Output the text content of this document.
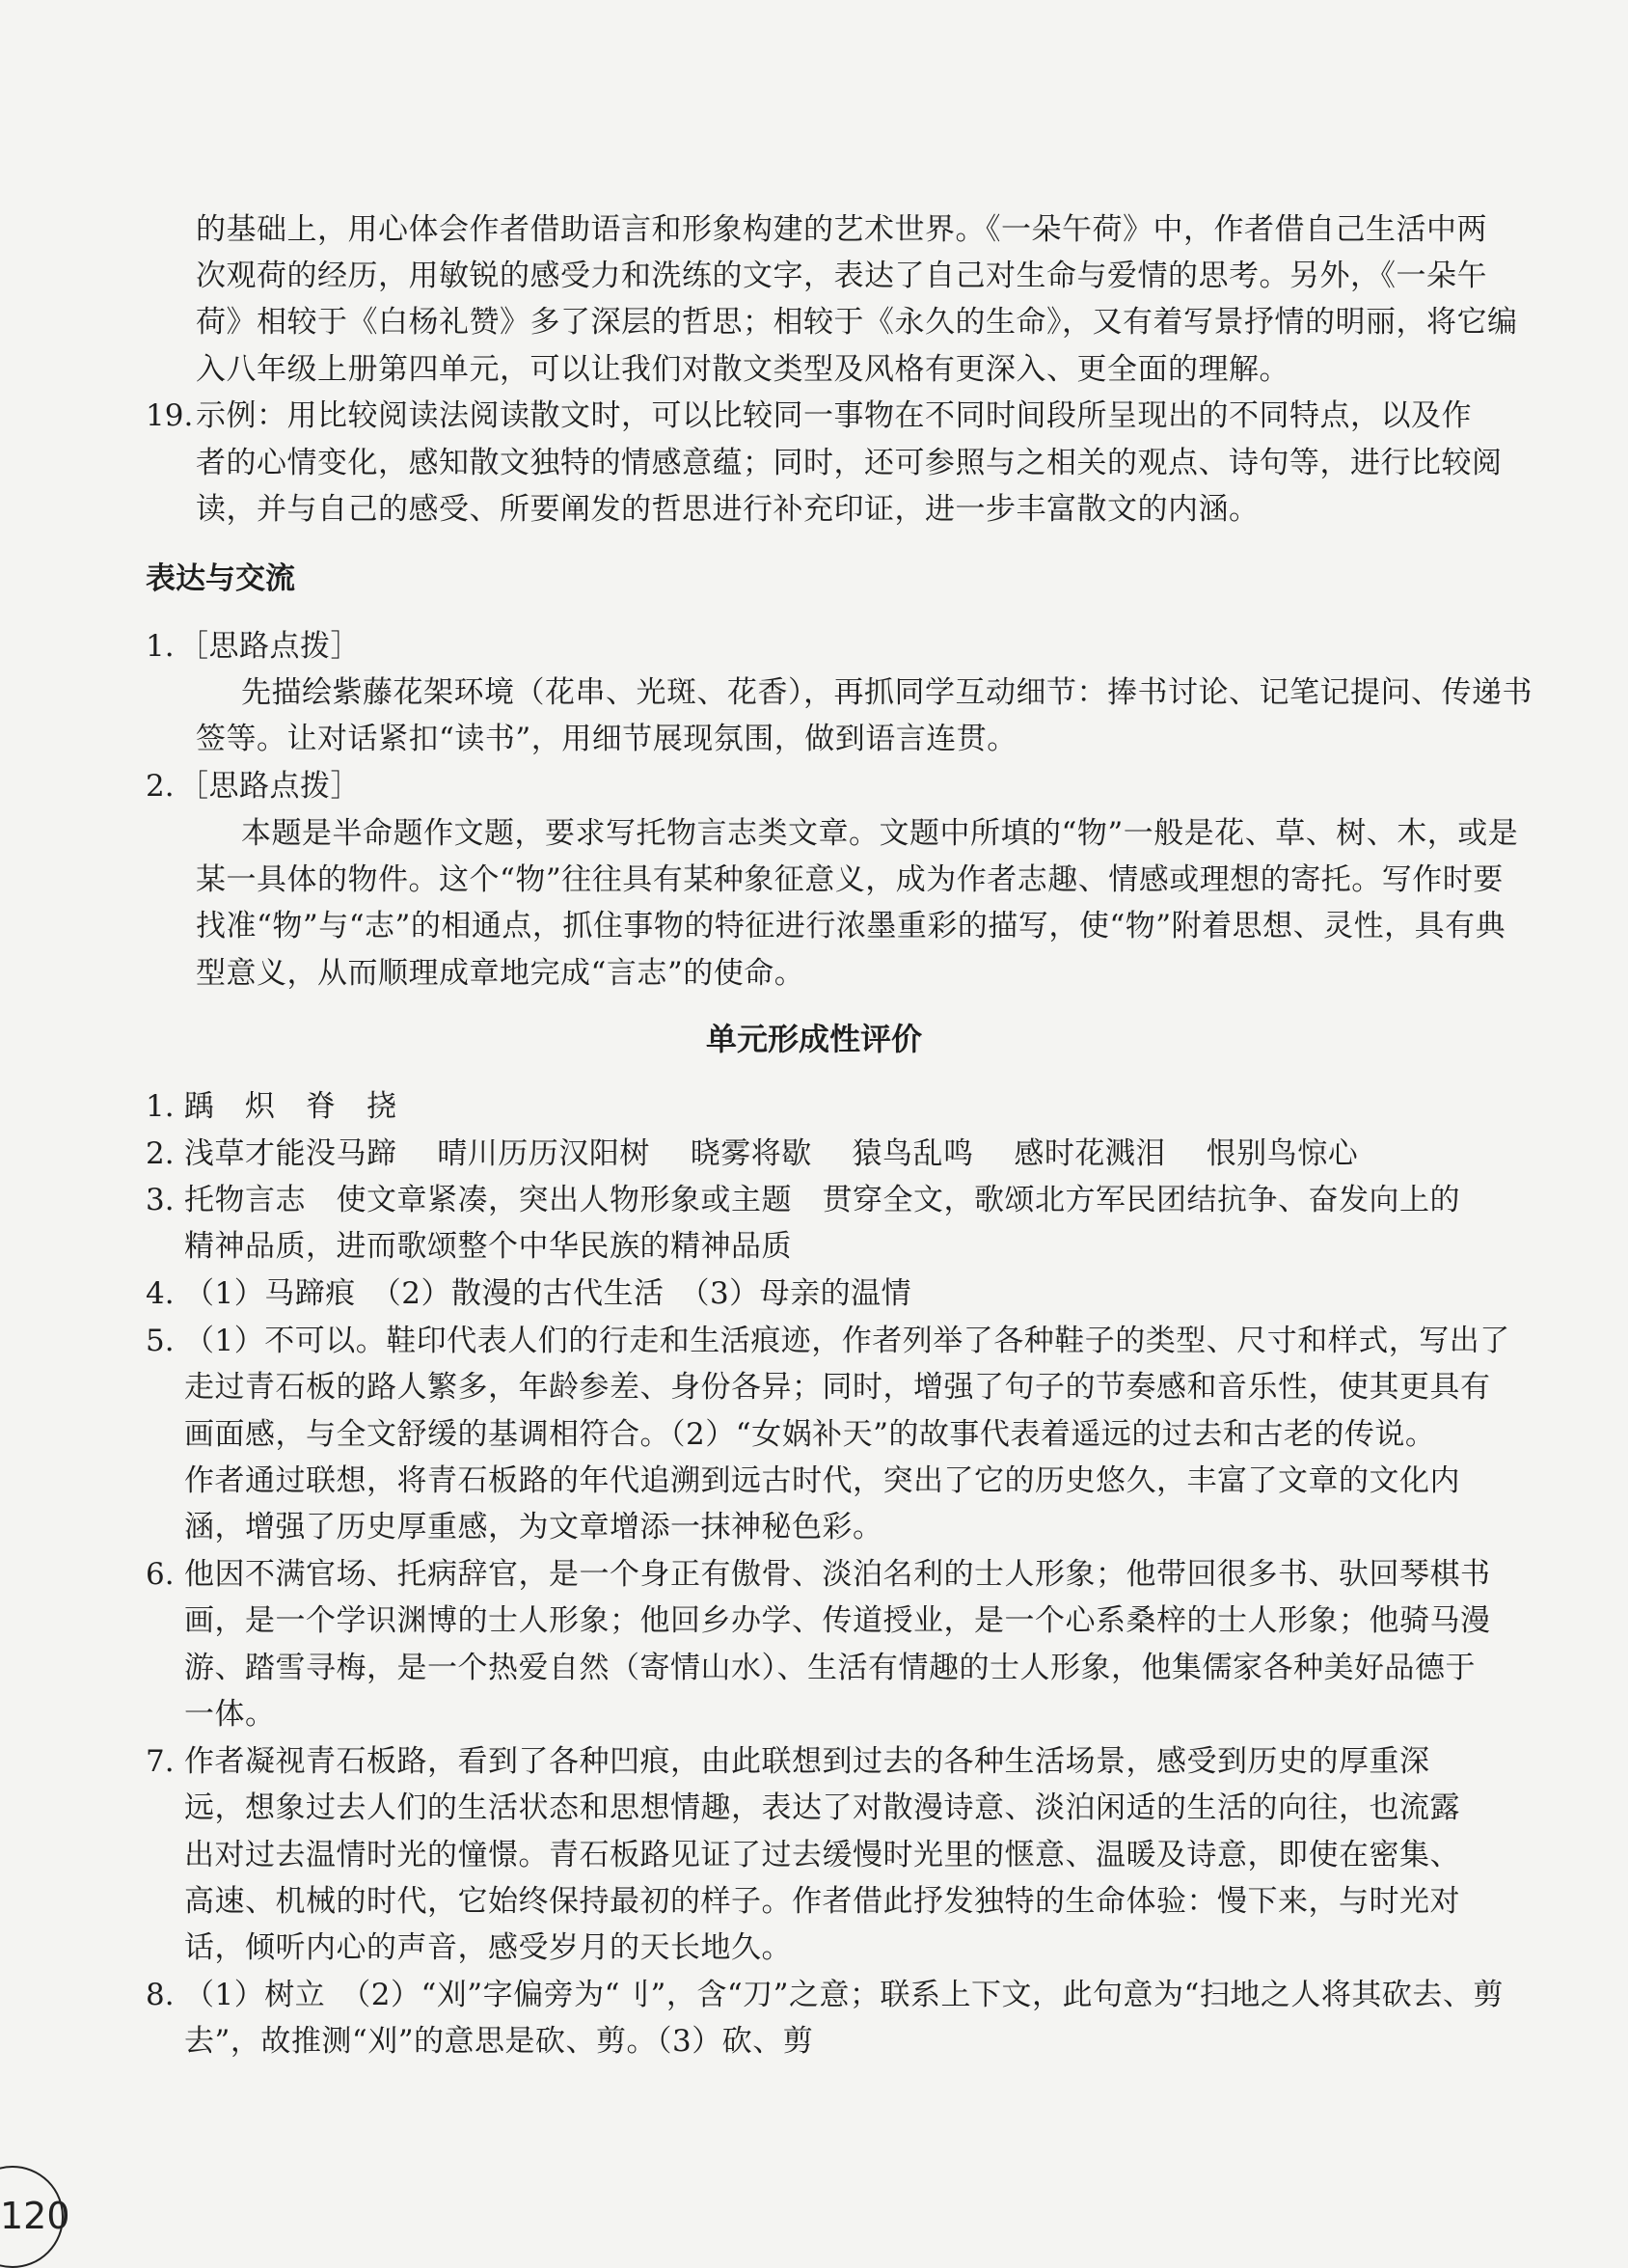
的基础上，用心体会作者借助语言和形象构建的艺术世界。《一朵午荷》中，作者借自己生活中两
次观荷的经历，用敏锐的感受力和洗练的文字，表达了自己对生命与爱情的思考。另外，《一朵午
荷》相较于《白杨礼赞》多了深层的哲思；相较于《永久的生命》，又有着写景抒情的明丽，将它编
入八年级上册第四单元，可以让我们对散文类型及风格有更深入、更全面的理解。
19. 示例：用比较阅读法阅读散文时，可以比较同一事物在不同时间段所呈现出的不同特点，以及作
者的心情变化，感知散文独特的情感意蕴；同时，还可参照与之相关的观点、诗句等，进行比较阅
读，并与自己的感受、所要阐发的哲思进行补充印证，进一步丰富散文的内涵。
表达与交流
1. ［思路点拨］
先描绘紫藤花架环境（花串、光斑、花香），再抓同学互动细节：捧书讨论、记笔记提问、传递书
签等。让对话紧扣“读书”，用细节展现氛围，做到语言连贯。
2. ［思路点拨］
本题是半命题作文题，要求写托物言志类文章。文题中所填的“物”一般是花、草、树、木，或是
某一具体的物件。这个“物”往往具有某种象征意义，成为作者志趣、情感或理想的寄托。写作时要
找准“物”与“志”的相通点，抓住事物的特征进行浓墨重彩的描写，使“物”附着思想、灵性，具有典
型意义，从而顺理成章地完成“言志”的使命。
单元形成性评价
1. 踽　炽　脊　挠
2. 浅草才能没马蹄　 晴川历历汉阳树　 晓雾将歇　 猿鸟乱鸣　 感时花溅泪　 恨别鸟惊心
3. 托物言志　使文章紧凑，突出人物形象或主题　贯穿全文，歌颂北方军民团结抗争、奋发向上的
精神品质，进而歌颂整个中华民族的精神品质
4. （1）马蹄痕　（2）散漫的古代生活　（3）母亲的温情
5. （1）不可以。鞋印代表人们的行走和生活痕迹，作者列举了各种鞋子的类型、尺寸和样式，写出了
走过青石板的路人繁多，年龄参差、身份各异；同时，增强了句子的节奏感和音乐性，使其更具有
画面感，与全文舒缓的基调相符合。（2）“女娲补天”的故事代表着遥远的过去和古老的传说。
作者通过联想，将青石板路的年代追溯到远古时代，突出了它的历史悠久，丰富了文章的文化内
涵，增强了历史厚重感，为文章增添一抹神秘色彩。
6. 他因不满官场、托病辞官，是一个身正有傲骨、淡泊名利的士人形象；他带回很多书、驮回琴棋书
画，是一个学识渊博的士人形象；他回乡办学、传道授业，是一个心系桑梓的士人形象；他骑马漫
游、踏雪寻梅，是一个热爱自然（寄情山水）、生活有情趣的士人形象，他集儒家各种美好品德于
一体。
7. 作者凝视青石板路，看到了各种凹痕，由此联想到过去的各种生活场景，感受到历史的厚重深
远，想象过去人们的生活状态和思想情趣，表达了对散漫诗意、淡泊闲适的生活的向往，也流露
出对过去温情时光的憧憬。青石板路见证了过去缓慢时光里的惬意、温暖及诗意，即使在密集、
高速、机械的时代，它始终保持最初的样子。作者借此抒发独特的生命体验：慢下来，与时光对
话，倾听内心的声音，感受岁月的天长地久。
8. （1）树立　（2）“刈”字偏旁为“刂”，含“刀”之意；联系上下文，此句意为“扫地之人将其砍去、剪
去”，故推测“刈”的意思是砍、剪。（3）砍、剪
120
